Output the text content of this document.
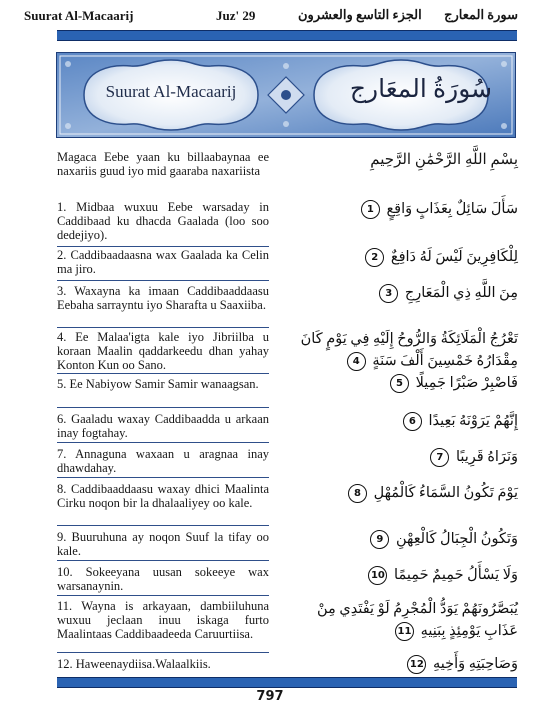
Suurat Al-Macaarij	Juz' 29	الجزء التاسع والعشرون سورة المعارج
Suurat Al-Macaarij	سُورَةُ المعَارج
Magaca Eebe yaan ku billaabaynaa ee naxariis guud iyo mid gaaraba naxariista
1. Midbaa wuxuu Eebe warsaday in Caddibaad ku dhacda Gaalada (loo soo dedejiyo).
2. Caddibaadaasna wax Gaalada ka Celin ma jiro.
3. Waxayna ka imaan Caddibaaddaasu Eebaha sarrayntu iyo Sharafta u Saaxiiba.
4. Ee Malaa'igta kale iyo Jibriilba u koraan Maalin qaddarkeedu dhan yahay Konton Kun oo Sano.
5. Ee Nabiyow Samir Samir wanaagsan.
6. Gaaladu waxay Caddibaadda u arkaan inay fogtahay.
7. Annaguna waxaan u aragnaa inay dhawdahay.
8. Caddibaaddaasu waxay dhici Maalinta Cirku noqon bir la dhalaaliyey oo kale.
9. Buuruhuna ay noqon Suuf la tifay oo kale.
10. Sokeeyana uusan sokeeye wax warsanaynin.
11. Wayna is arkayaan, dambiiluhuna wuxuu jeclaan inuu iskaga furto Maalintaas Caddibaadeeda Caruurtiisa.
12. Haweenaydiisa.Walaalkiis.
بِسْمِ اللَّهِ الرَّحْمَٰنِ الرَّحِيمِ
سَأَلَ سَائِلٌ بِعَذَابٍ وَاقِعٍ 1
لِلْكَافِرِينَ لَيْسَ لَهُ دَافِعٌ 2
مِنَ اللَّهِ ذِي الْمَعَارِجِ 3
تَعْرُجُ الْمَلَائِكَةُ وَالرُّوحُ إِلَيْهِ فِي يَوْمٍ كَانَ مِقْدَارُهُ خَمْسِينَ أَلْفَ سَنَةٍ 4
فَاصْبِرْ صَبْرًا جَمِيلًا 5
إِنَّهُمْ يَرَوْنَهُ بَعِيدًا 6
وَنَرَاهُ قَرِيبًا 7
يَوْمَ تَكُونُ السَّمَاءُ كَالْمُهْلِ 8
وَتَكُونُ الْجِبَالُ كَالْعِهْنِ 9
وَلَا يَسْأَلُ حَمِيمٌ حَمِيمًا 10
يُبَصَّرُونَهُمْ يَوَدُّ الْمُجْرِمُ لَوْ يَفْتَدِي مِنْ عَذَابِ يَوْمِئِذٍ بِبَنِيهِ 11
وَصَاحِبَتِهِ وَأَخِيهِ 12
797
